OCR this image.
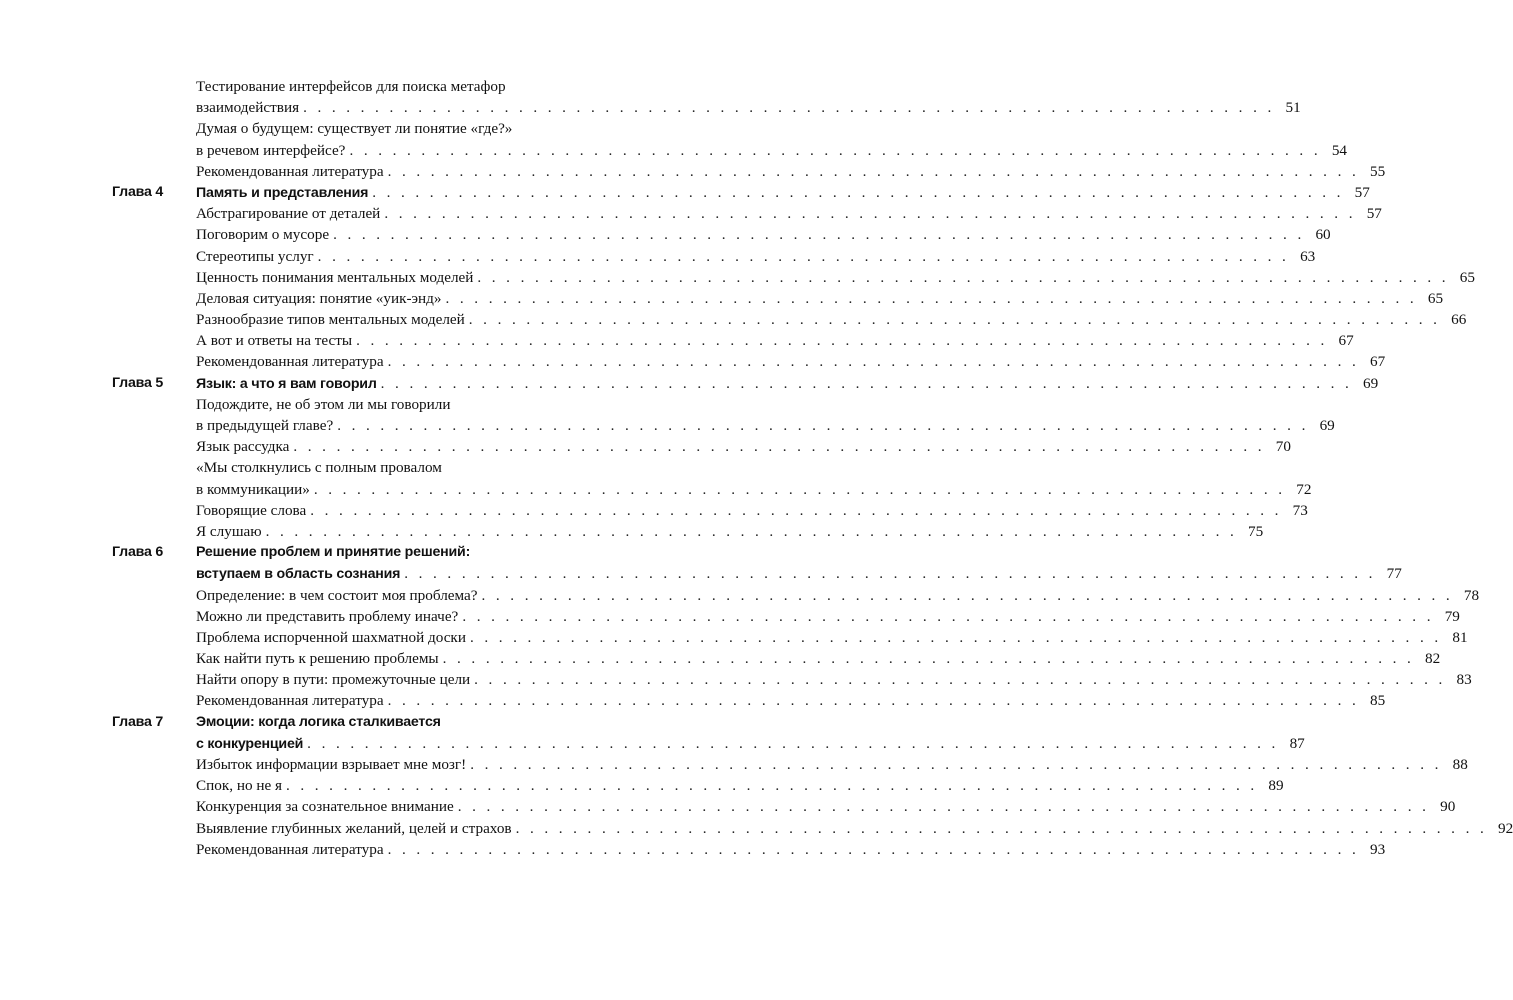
Тестирование интерфейсов для поиска метафор
взаимодействия . . . . . . . . . . . . . . . . . . . . . . . . . . . . . . . . . . . . . . . . . . . . . . . . . . . . . . . . . . . . . . . . . . . . 51
Думая о будущем: существует ли понятие «где?»
в речевом интерфейсе? . . . . . . . . . . . . . . . . . . . . . . . . . . . . . . . . . . . . . . . . . . . . . . . . . . . . . . . . . . . . . . . . . . . . 54
Рекомендованная литература . . . . . . . . . . . . . . . . . . . . . . . . . . . . . . . . . . . . . . . . . . . . . . . . . . . . . . . . . . . . . . . . . . . . 55
Глава 4 Память и представления . . . . . . . . . . . . . . . . . . . . . . . . . . . . . . . . . . . . . . . . . . . . . . . . . . . . . . . . . . . . . . . . . . . . 57
Абстрагирование от деталей . . . . . . . . . . . . . . . . . . . . . . . . . . . . . . . . . . . . . . . . . . . . . . . . . . . . . . . . . . . . . . . . . . . . 57
Поговорим о мусоре . . . . . . . . . . . . . . . . . . . . . . . . . . . . . . . . . . . . . . . . . . . . . . . . . . . . . . . . . . . . . . . . . . . . 60
Стереотипы услуг . . . . . . . . . . . . . . . . . . . . . . . . . . . . . . . . . . . . . . . . . . . . . . . . . . . . . . . . . . . . . . . . . . . . 63
Ценность понимания ментальных моделей . . . . . . . . . . . . . . . . . . . . . . . . . . . . . . . . . . . . . . . . . . . . . . . . . . . . . . . . . . . . . . . . . . . . 65
Деловая ситуация: понятие «уик-энд» . . . . . . . . . . . . . . . . . . . . . . . . . . . . . . . . . . . . . . . . . . . . . . . . . . . . . . . . . . . . . . . . . . . . 65
Разнообразие типов ментальных моделей . . . . . . . . . . . . . . . . . . . . . . . . . . . . . . . . . . . . . . . . . . . . . . . . . . . . . . . . . . . . . . . . . . . . 66
А вот и ответы на тесты . . . . . . . . . . . . . . . . . . . . . . . . . . . . . . . . . . . . . . . . . . . . . . . . . . . . . . . . . . . . . . . . . . . . 67
Рекомендованная литература . . . . . . . . . . . . . . . . . . . . . . . . . . . . . . . . . . . . . . . . . . . . . . . . . . . . . . . . . . . . . . . . . . . . 67
Глава 5 Язык: а что я вам говорил . . . . . . . . . . . . . . . . . . . . . . . . . . . . . . . . . . . . . . . . . . . . . . . . . . . . . . . . . . . . . . . . . . . . 69
Подождите, не об этом ли мы говорили
в предыдущей главе? . . . . . . . . . . . . . . . . . . . . . . . . . . . . . . . . . . . . . . . . . . . . . . . . . . . . . . . . . . . . . . . . . . . . 69
Язык рассудка . . . . . . . . . . . . . . . . . . . . . . . . . . . . . . . . . . . . . . . . . . . . . . . . . . . . . . . . . . . . . . . . . . . . 70
«Мы столкнулись с полным провалом
в коммуникации» . . . . . . . . . . . . . . . . . . . . . . . . . . . . . . . . . . . . . . . . . . . . . . . . . . . . . . . . . . . . . . . . . . . . 72
Говорящие слова . . . . . . . . . . . . . . . . . . . . . . . . . . . . . . . . . . . . . . . . . . . . . . . . . . . . . . . . . . . . . . . . . . . . 73
Я слушаю . . . . . . . . . . . . . . . . . . . . . . . . . . . . . . . . . . . . . . . . . . . . . . . . . . . . . . . . . . . . . . . . . . . . 75
Глава 6 Решение проблем и принятие решений:
вступаем в область сознания . . . . . . . . . . . . . . . . . . . . . . . . . . . . . . . . . . . . . . . . . . . . . . . . . . . . . . . . . . . . . . . . . . . . 77
Определение: в чем состоит моя проблема? . . . . . . . . . . . . . . . . . . . . . . . . . . . . . . . . . . . . . . . . . . . . . . . . . . . . . . . . . . . . . . . . . . . . 78
Можно ли представить проблему иначе? . . . . . . . . . . . . . . . . . . . . . . . . . . . . . . . . . . . . . . . . . . . . . . . . . . . . . . . . . . . . . . . . . . . . 79
Проблема испорченной шахматной доски . . . . . . . . . . . . . . . . . . . . . . . . . . . . . . . . . . . . . . . . . . . . . . . . . . . . . . . . . . . . . . . . . . . . 81
Как найти путь к решению проблемы . . . . . . . . . . . . . . . . . . . . . . . . . . . . . . . . . . . . . . . . . . . . . . . . . . . . . . . . . . . . . . . . . . . . 82
Найти опору в пути: промежуточные цели . . . . . . . . . . . . . . . . . . . . . . . . . . . . . . . . . . . . . . . . . . . . . . . . . . . . . . . . . . . . . . . . . . . . 83
Рекомендованная литература . . . . . . . . . . . . . . . . . . . . . . . . . . . . . . . . . . . . . . . . . . . . . . . . . . . . . . . . . . . . . . . . . . . . 85
Глава 7 Эмоции: когда логика сталкивается
с конкуренцией . . . . . . . . . . . . . . . . . . . . . . . . . . . . . . . . . . . . . . . . . . . . . . . . . . . . . . . . . . . . . . . . . . . . 87
Избыток информации взрывает мне мозг! . . . . . . . . . . . . . . . . . . . . . . . . . . . . . . . . . . . . . . . . . . . . . . . . . . . . . . . . . . . . . . . . . . . . 88
Спок, но не я . . . . . . . . . . . . . . . . . . . . . . . . . . . . . . . . . . . . . . . . . . . . . . . . . . . . . . . . . . . . . . . . . . . . 89
Конкуренция за сознательное внимание . . . . . . . . . . . . . . . . . . . . . . . . . . . . . . . . . . . . . . . . . . . . . . . . . . . . . . . . . . . . . . . . . . . . 90
Выявление глубинных желаний, целей и страхов . . . . . . . . . . . . . . . . . . . . . . . . . . . . . . . . . . . . . . . . . . . . . . . . . . . . . . . . . . . . . . . . . . . . 92
Рекомендованная литература . . . . . . . . . . . . . . . . . . . . . . . . . . . . . . . . . . . . . . . . . . . . . . . . . . . . . . . . . . . . . . . . . . . . 93
